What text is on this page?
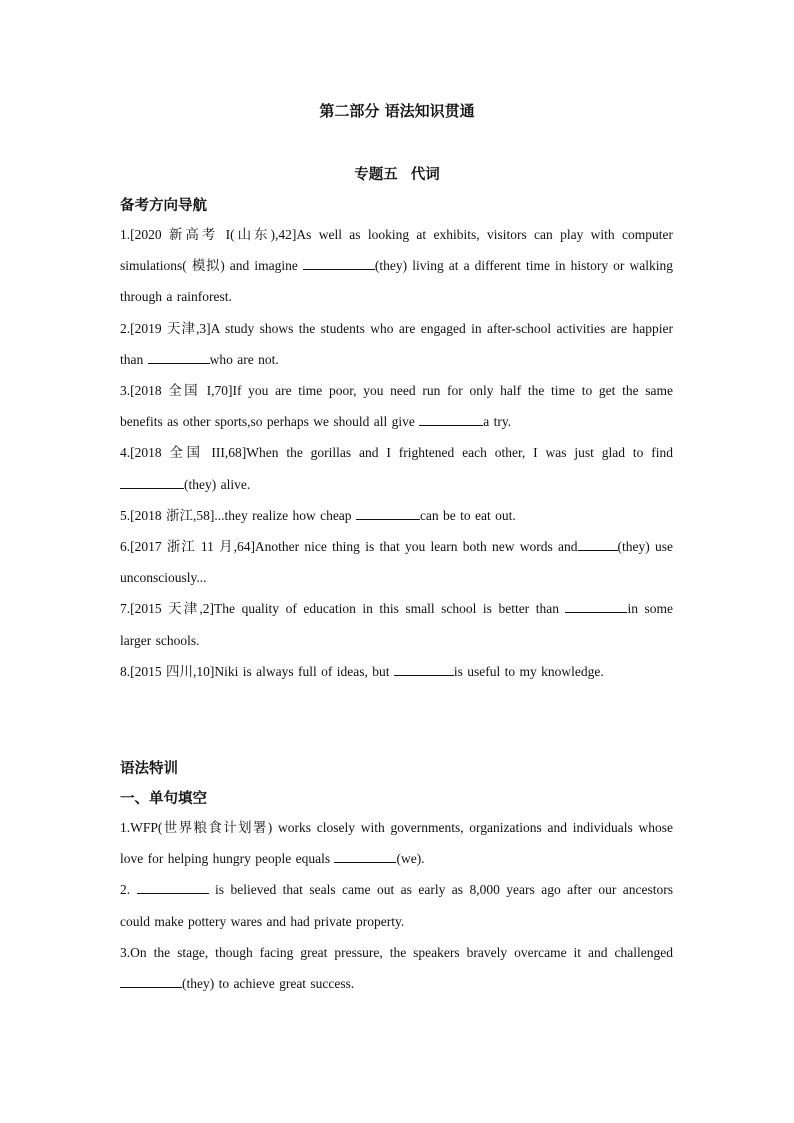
第二部分 语法知识贯通
专题五 代词

备考方向导航

1.[2020 新高考 I(山东),42]As well as looking at exhibits, visitors can play with computer simulations( 模拟) and imagine	(they) living at a different time in history or walking through a rainforest.

2.[2019 天津,3]A study shows the students who are engaged in after-school activities are happier than	who are not.

3.[2018 全国 I,70]If you are time poor, you need run for only half the time to get the same benefits as other sports,so perhaps we should all give	a try.

4.[2018 全国 III,68]When the gorillas and I frightened each other, I was just glad to find (they) alive.

5.[2018 浙江,58]...they realize how cheap	can be to eat out.

6.[2017 浙江 11 月,64]Another nice thing is that you learn both new words and	(they) use unconsciously...

7.[2015 天津,2]The quality of education in this small school is better than	in some larger schools.

8.[2015 四川,10]Niki is always full of ideas, but	is useful to my knowledge.

语法特训

一、单句填空

1.WFP(世界粮食计划署) works closely with governments, organizations and individuals whose love for helping hungry people equals	(we).

2.	is believed that seals came out as early as 8,000 years ago after our ancestors could make pottery wares and had private property.

3.On the stage, though facing great pressure, the speakers bravely overcame it and challenged (they) to achieve great success.
